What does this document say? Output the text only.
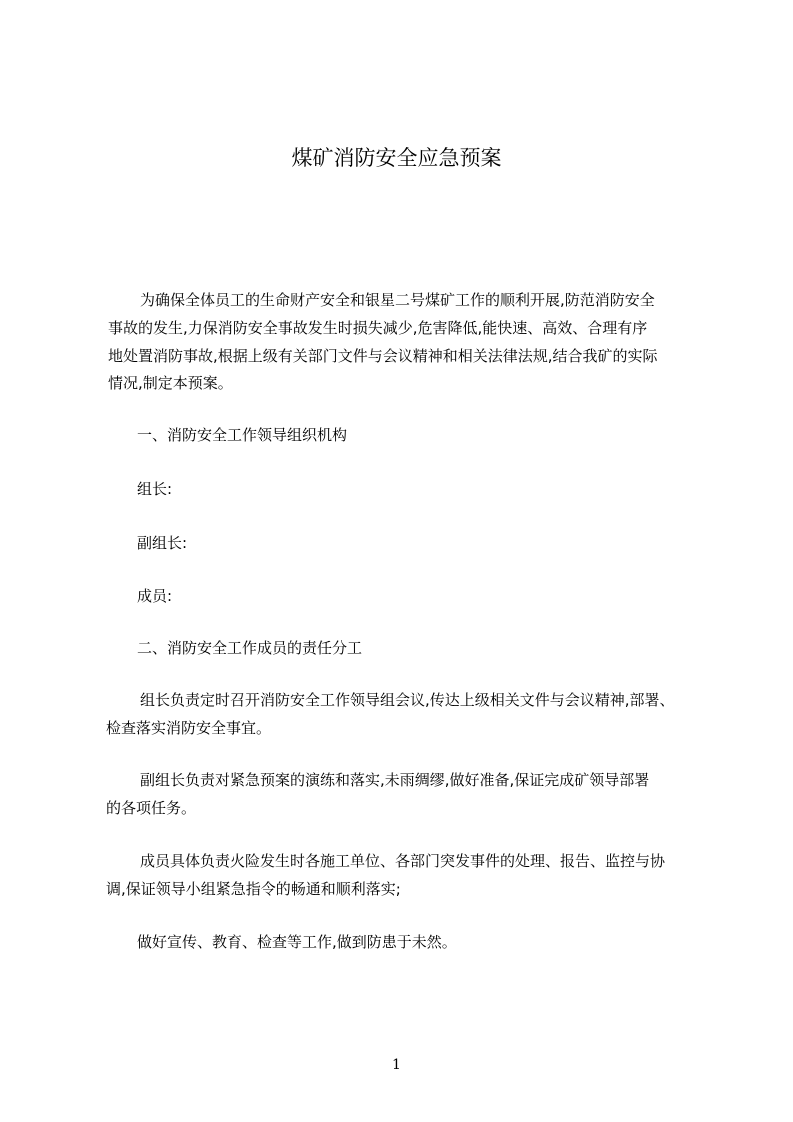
煤矿消防安全应急预案

为确保全体员工的生命财产安全和银星二号煤矿工作的顺利开展,防范消防安全

事故的发生,力保消防安全事故发生时损失减少,危害降低,能快速、高效、合理有序

地处置消防事故,根据上级有关部门文件与会议精神和相关法律法规,结合我矿的实际

情况,制定本预案。

一、消防安全工作领导组织机构

组长:

副组长:

成员:

二、消防安全工作成员的责任分工

组长负责定时召开消防安全工作领导组会议,传达上级相关文件与会议精神,部署、

检查落实消防安全事宜。

副组长负责对紧急预案的演练和落实,未雨绸缪,做好准备,保证完成矿领导部署

的各项任务。

成员具体负责火险发生时各施工单位、各部门突发事件的处理、报告、监控与协

调,保证领导小组紧急指令的畅通和顺利落实;

做好宣传、教育、检查等工作,做到防患于未然。

1
